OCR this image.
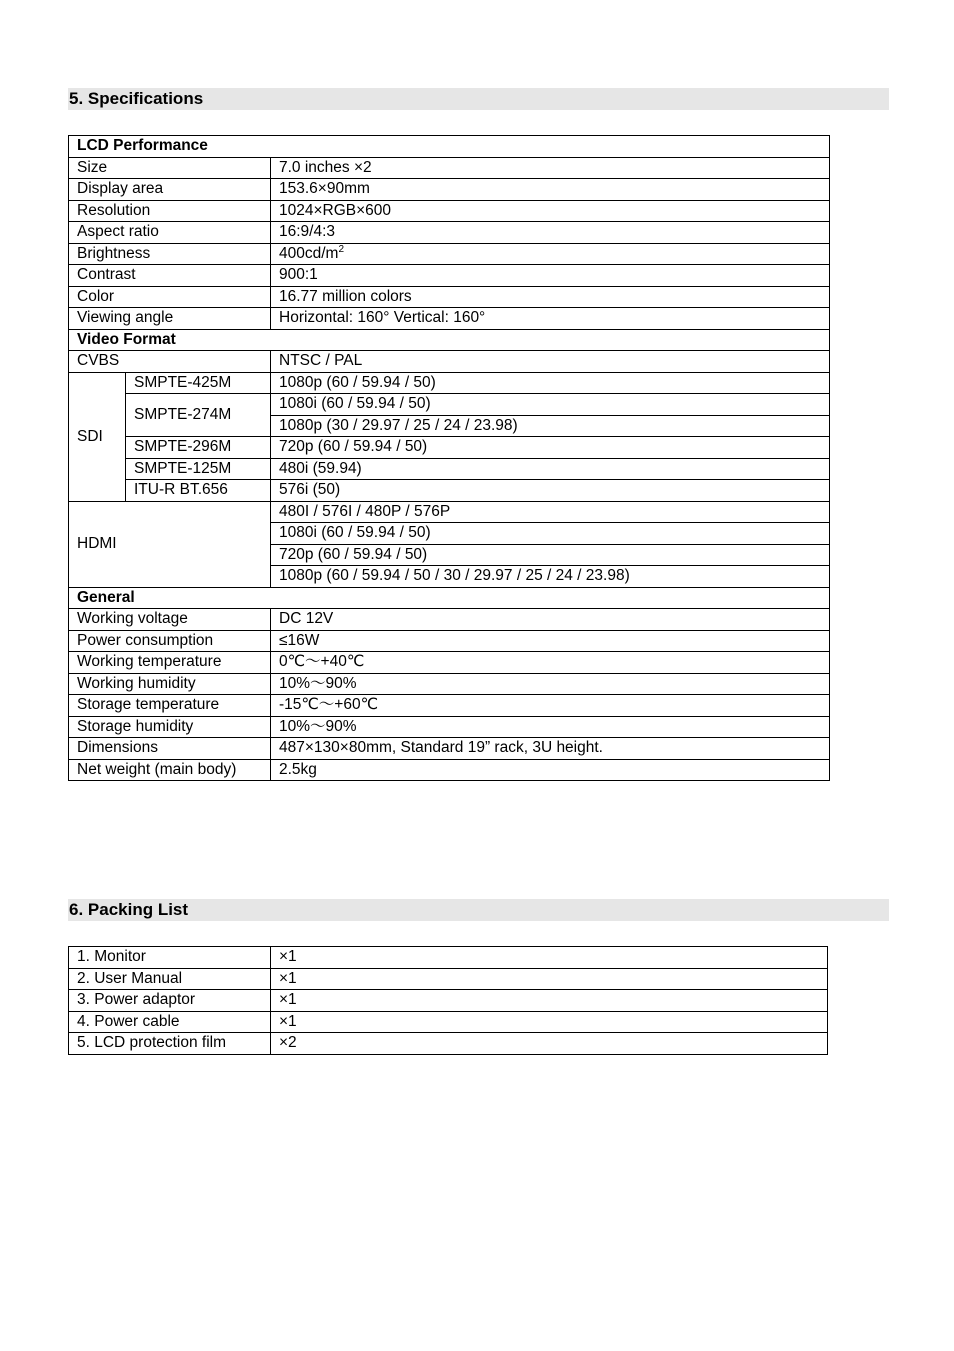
5. Specifications
LCD Performance		
Size		7.0 inches ×2
Display area		153.6×90mm
Resolution		1024×RGB×600
Aspect ratio		16:9/4:3
Brightness		$400cd/m^2$
Contrast		900:1
Color		16.77 million colors
Viewing angle		Horizontal: 160° Vertical: 160°
Video Format		
CVBS		NTSC / PAL
SDI	SMPTE-425M	1080p (60 / 59.94 / 50)
	SMPTE-274M	1080i (60 / 59.94 / 50)
		1080p (30 / 29.97 / 25 / 24 / 23.98)
	SMPTE-296M	720p (60 / 59.94 / 50)
	SMPTE-125M	480i (59.94)
	ITU-R BT.656	576i (50)
HDMI		480I / 576I / 480P / 576P
		1080i (60 / 59.94 / 50)
		720p (60 / 59.94 / 50)
		1080p (60 / 59.94 / 50 / 30 / 29.97 / 25 / 24 / 23.98)
General		
Working voltage		DC 12V
Power consumption		≤16W
Working temperature		0℃～+40℃
Working humidity		10%～90%
Storage temperature		-15℃～+60℃
Storage humidity		10%～90%
Dimensions		487×130×80mm, Standard 19” rack, 3U height.
Net weight (main body)		2.5kg
6. Packing List
1. Monitor	×1
2. User Manual	×1
3. Power adaptor	×1
4. Power cable	×1
5. LCD protection film	×2
